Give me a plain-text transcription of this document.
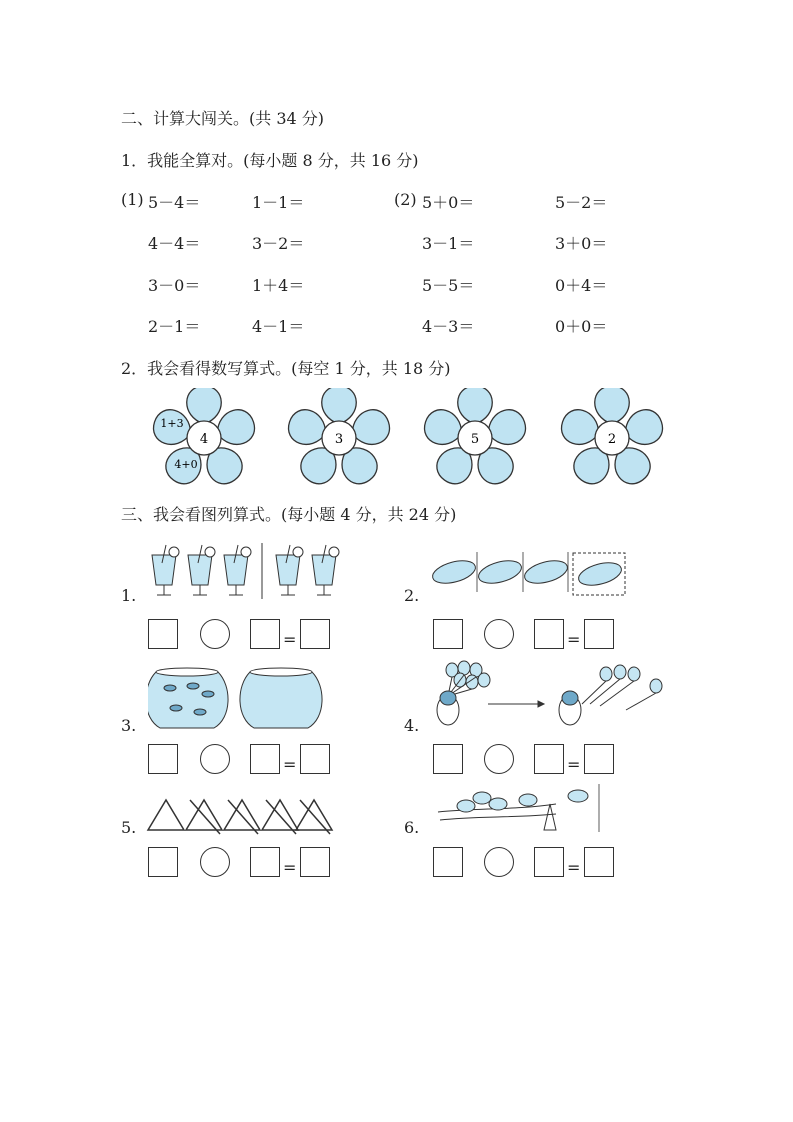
二、计算大闯关。(共 34 分)
1．我能全算对。(每小题 8 分，共 16 分)
(1)	(2)
5－4＝	1－1＝	5＋0＝	5－2＝
4－4＝	3－2＝	3－1＝	3＋0＝
3－0＝	1＋4＝	5－5＝	0＋4＝
2－1＝	4－1＝	4－3＝	0＋0＝
2．我会看得数写算式。(每空 1 分，共 18 分)
4
1+3
4+0
3	5	2
三、我会看图列算式。(每小题 4 分，共 24 分)
1.	2.
=	=
3.	4.
=	=
5.	6.
=	=
